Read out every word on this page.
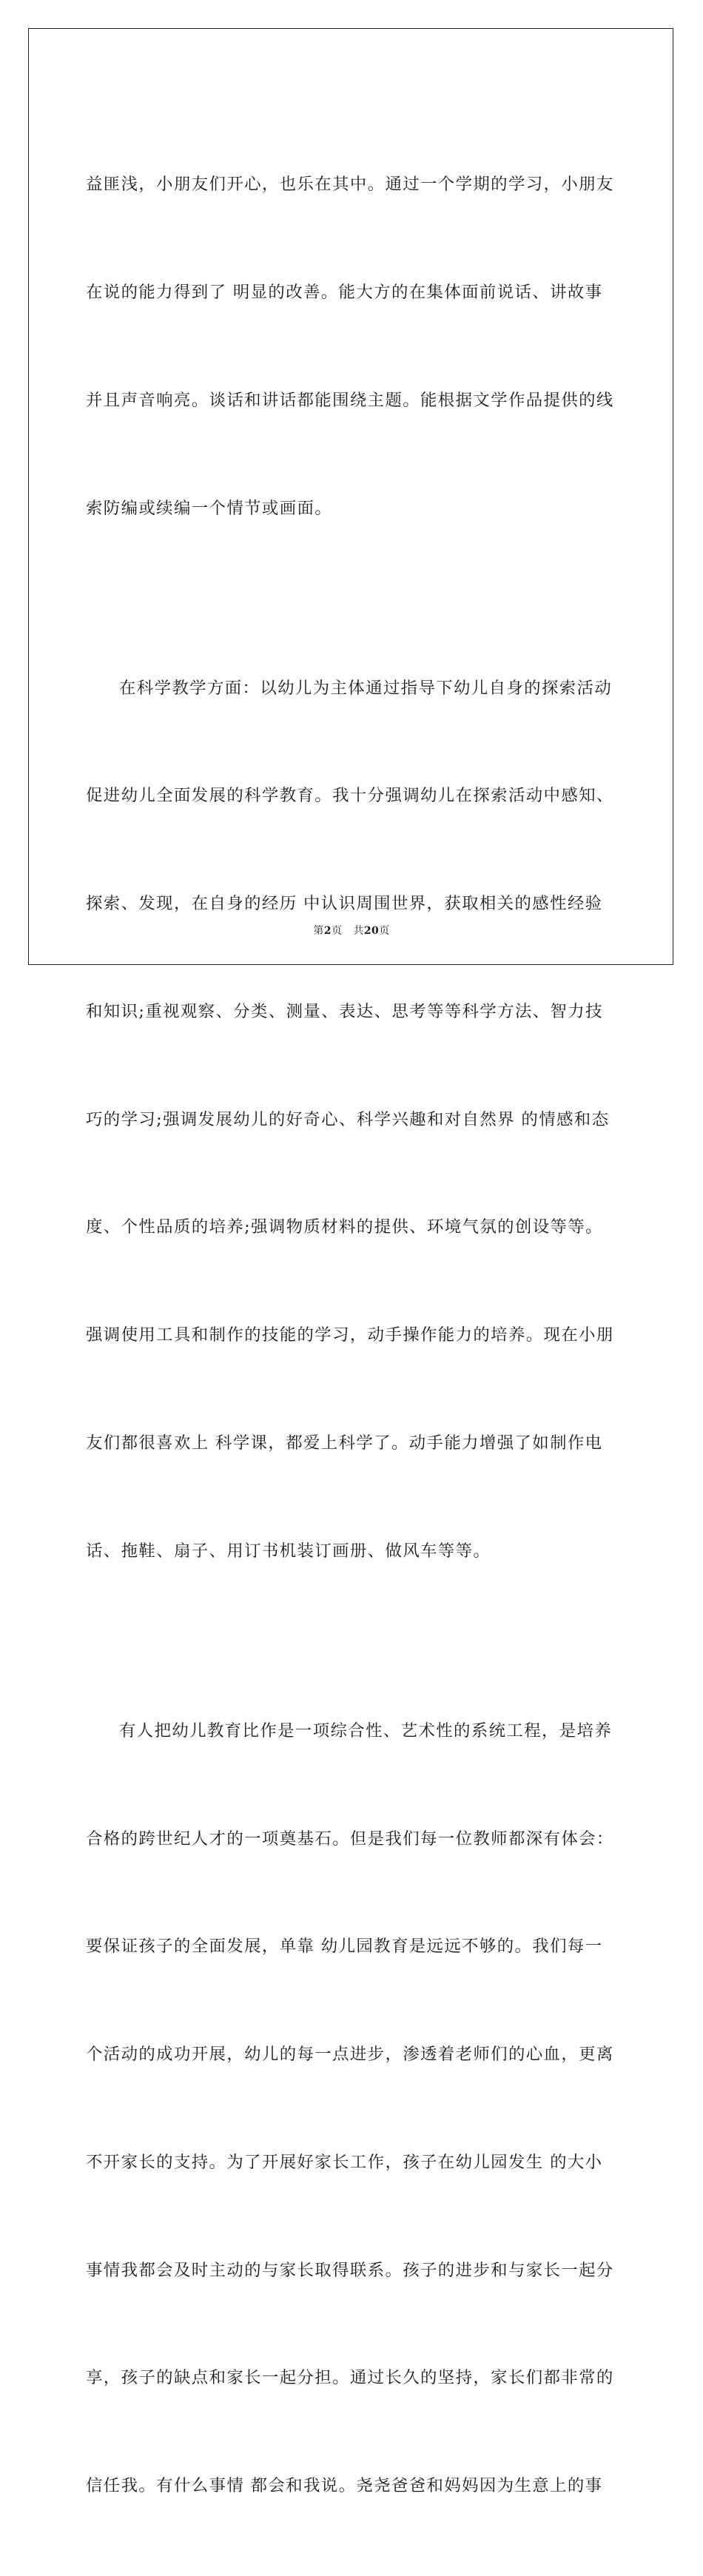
益匪浅，小朋友们开心，也乐在其中。通过一个学期的学习，小朋友

在说的能力得到了 明显的改善。能大方的在集体面前说话、讲故事

并且声音响亮。谈话和讲话都能围绕主题。能根据文学作品提供的线

索防编或续编一个情节或画面。

在科学教学方面：以幼儿为主体通过指导下幼儿自身的探索活动

促进幼儿全面发展的科学教育。我十分强调幼儿在探索活动中感知、

探索、发现，在自身的经历 中认识周围世界，获取相关的感性经验

和知识;重视观察、分类、测量、表达、思考等等科学方法、智力技

巧的学习;强调发展幼儿的好奇心、科学兴趣和对自然界 的情感和态

度、个性品质的培养;强调物质材料的提供、环境气氛的创设等等。

强调使用工具和制作的技能的学习，动手操作能力的培养。现在小朋

友们都很喜欢上 科学课，都爱上科学了。动手能力增强了如制作电

话、拖鞋、扇子、用订书机装订画册、做风车等等。

有人把幼儿教育比作是一项综合性、艺术性的系统工程，是培养

合格的跨世纪人才的一项奠基石。但是我们每一位教师都深有体会：

要保证孩子的全面发展，单靠 幼儿园教育是远远不够的。我们每一

个活动的成功开展，幼儿的每一点进步，渗透着老师们的心血，更离

不开家长的支持。为了开展好家长工作，孩子在幼儿园发生 的大小

事情我都会及时主动的与家长取得联系。孩子的进步和与家长一起分

享，孩子的缺点和家长一起分担。通过长久的坚持，家长们都非常的

信任我。有什么事情 都会和我说。尧尧爸爸和妈妈因为生意上的事

第2页 共20页
